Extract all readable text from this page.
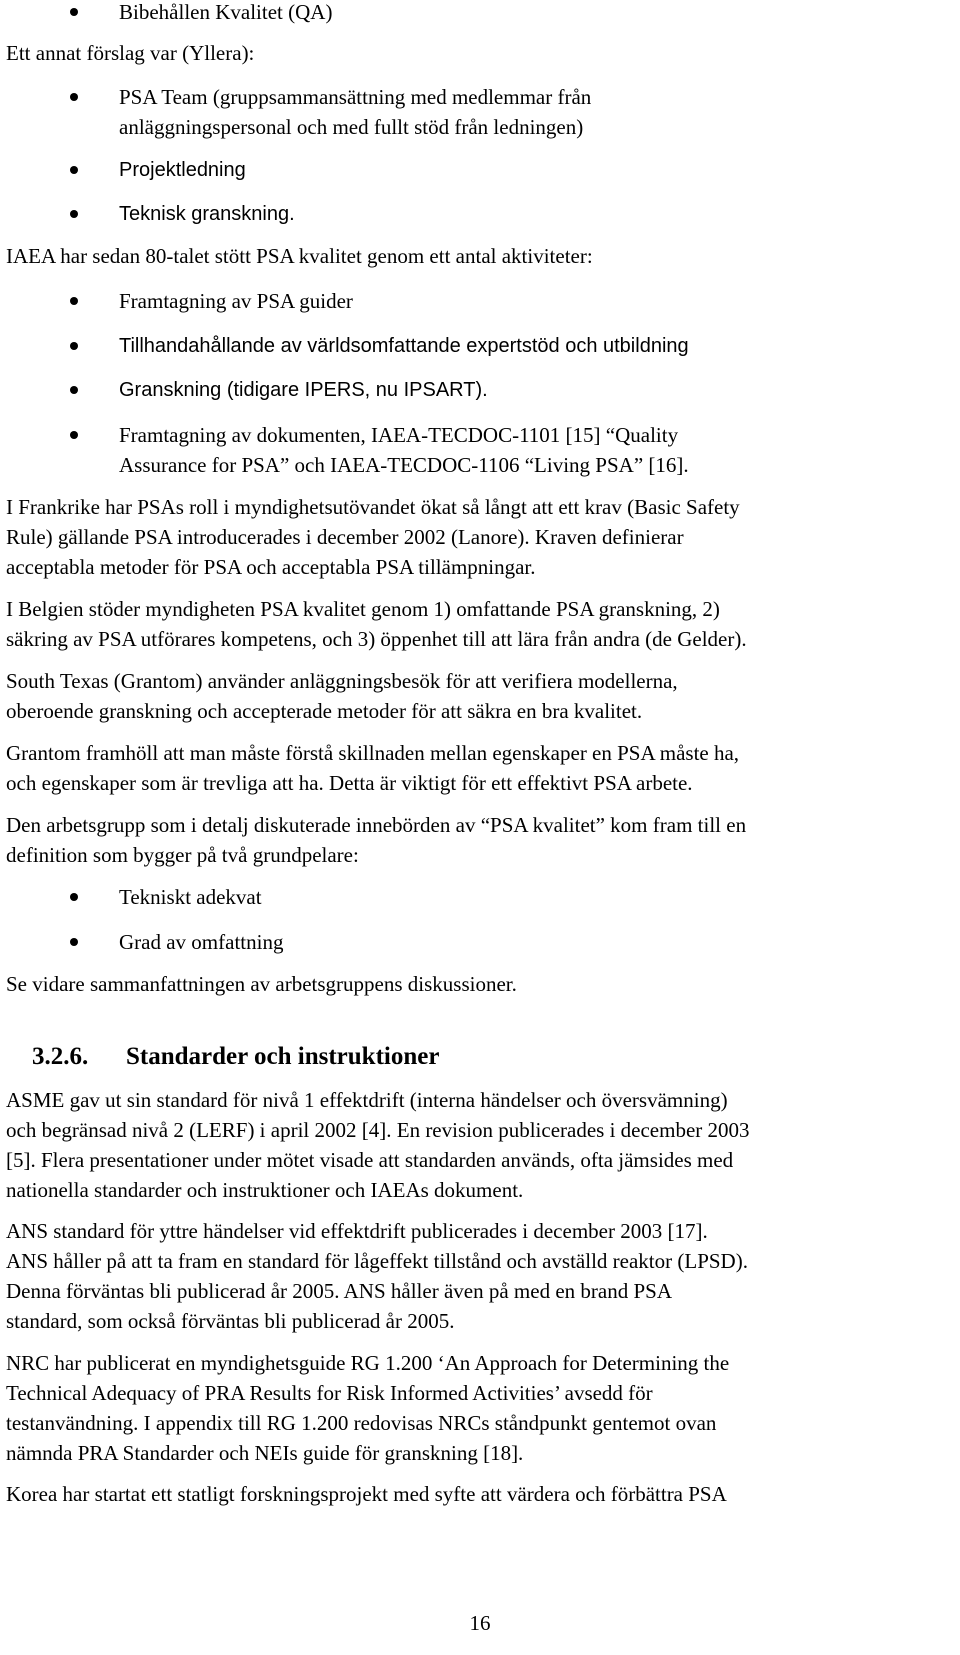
Bibehållen Kvalitet (QA)

Ett annat förslag var (Yllera):

PSA Team (gruppsammansättning med medlemmar från
anläggningspersonal och med fullt stöd från ledningen)
Projektledning
Teknisk granskning.

IAEA har sedan 80-talet stött PSA kvalitet genom ett antal aktiviteter:

Framtagning av PSA guider
Tillhandahållande av världsomfattande expertstöd och utbildning
Granskning (tidigare IPERS, nu IPSART).
Framtagning av dokumenten, IAEA-TECDOC-1101 [15] “Quality
Assurance for PSA” och IAEA-TECDOC-1106 “Living PSA” [16].
I Frankrike har PSAs roll i myndighetsutövandet ökat så långt att ett krav (Basic Safety
Rule) gällande PSA introducerades i december 2002 (Lanore). Kraven definierar
acceptabla metoder för PSA och acceptabla PSA tillämpningar.
I Belgien stöder myndigheten PSA kvalitet genom 1) omfattande PSA granskning, 2)
säkring av PSA utförares kompetens, och 3) öppenhet till att lära från andra (de Gelder).
South Texas (Grantom) använder anläggningsbesök för att verifiera modellerna,
oberoende granskning och accepterade metoder för att säkra en bra kvalitet.
Grantom framhöll att man måste förstå skillnaden mellan egenskaper en PSA måste ha,
och egenskaper som är trevliga att ha. Detta är viktigt för ett effektivt PSA arbete.
Den arbetsgrupp som i detalj diskuterade innebörden av “PSA kvalitet” kom fram till en
definition som bygger på två grundpelare:
Tekniskt adekvat
Grad av omfattning

Se vidare sammanfattningen av arbetsgruppens diskussioner.

3.2.6. Standarder och instruktioner
ASME gav ut sin standard för nivå 1 effektdrift (interna händelser och översvämning)
och begränsad nivå 2 (LERF) i april 2002 [4]. En revision publicerades i december 2003
[5]. Flera presentationer under mötet visade att standarden används, ofta jämsides med
nationella standarder och instruktioner och IAEAs dokument.
ANS standard för yttre händelser vid effektdrift publicerades i december 2003 [17].
ANS håller på att ta fram en standard för lågeffekt tillstånd och avställd reaktor (LPSD).
Denna förväntas bli publicerad år 2005. ANS håller även på med en brand PSA
standard, som också förväntas bli publicerad år 2005.
NRC har publicerat en myndighetsguide RG 1.200 ‘An Approach for Determining the
Technical Adequacy of PRA Results for Risk Informed Activities’ avsedd för
testanvändning. I appendix till RG 1.200 redovisas NRCs ståndpunkt gentemot ovan
nämnda PRA Standarder och NEIs guide för granskning [18].

Korea har startat ett statligt forskningsprojekt med syfte att värdera och förbättra PSA

16
